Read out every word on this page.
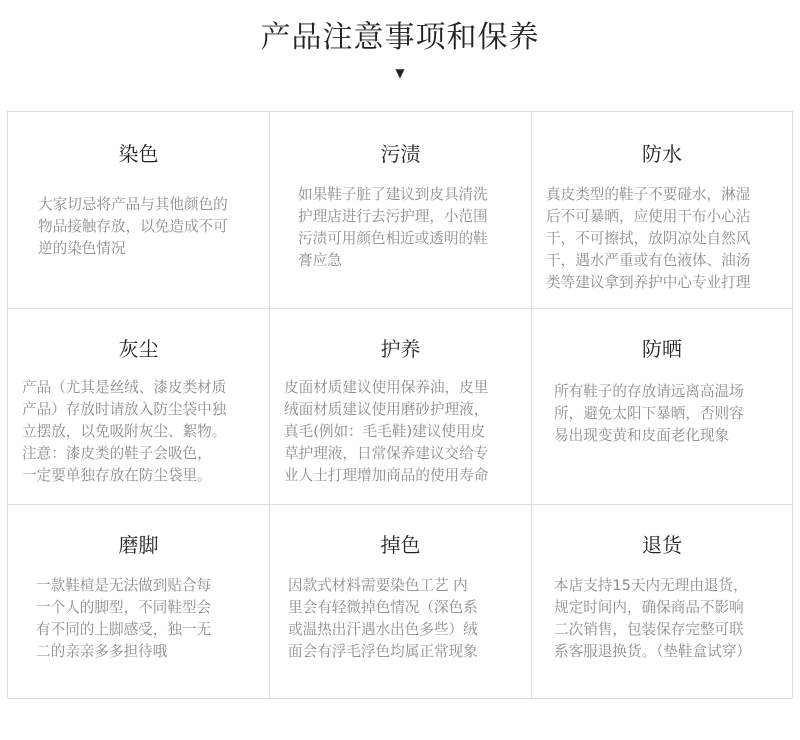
产品注意事项和保养
▼
染色
大家切忌将产品与其他颜色的
物品接触存放，以免造成不可
逆的染色情况
污渍
如果鞋子脏了建议到皮具清洗
护理店进行去污护理，小范围
污渍可用颜色相近或透明的鞋
膏应急
防水
真皮类型的鞋子不要碰水，淋湿
后不可暴晒，应使用干布小心沾
干，不可擦拭，放阴凉处自然风
干，遇水严重或有色液体、油汤
类等建议拿到养护中心专业打理
灰尘
产品（尤其是丝绒、漆皮类材质
产品）存放时请放入防尘袋中独
立摆放，以免吸附灰尘、絮物。
注意：漆皮类的鞋子会吸色，
一定要单独存放在防尘袋里。
护养
皮面材质建议使用保养油，皮里
绒面材质建议使用磨砂护理液，
真毛(例如：毛毛鞋)建议使用皮
草护理液，日常保养建议交给专
业人士打理增加商品的使用寿命
防晒
所有鞋子的存放请远离高温场
所，避免太阳下暴晒，否则容
易出现变黄和皮面老化现象
磨脚
一款鞋楦是无法做到贴合每
一个人的脚型，不同鞋型会
有不同的上脚感受，独一无
二的亲亲多多担待哦
掉色
因款式材料需要染色工艺 内
里会有轻微掉色情况（深色系
或温热出汗遇水出色多些）绒
面会有浮毛浮色均属正常现象
退货
本店支持15天内无理由退货，
规定时间内，确保商品不影响
二次销售，包装保存完整可联
系客服退换货。（垫鞋盒试穿）
